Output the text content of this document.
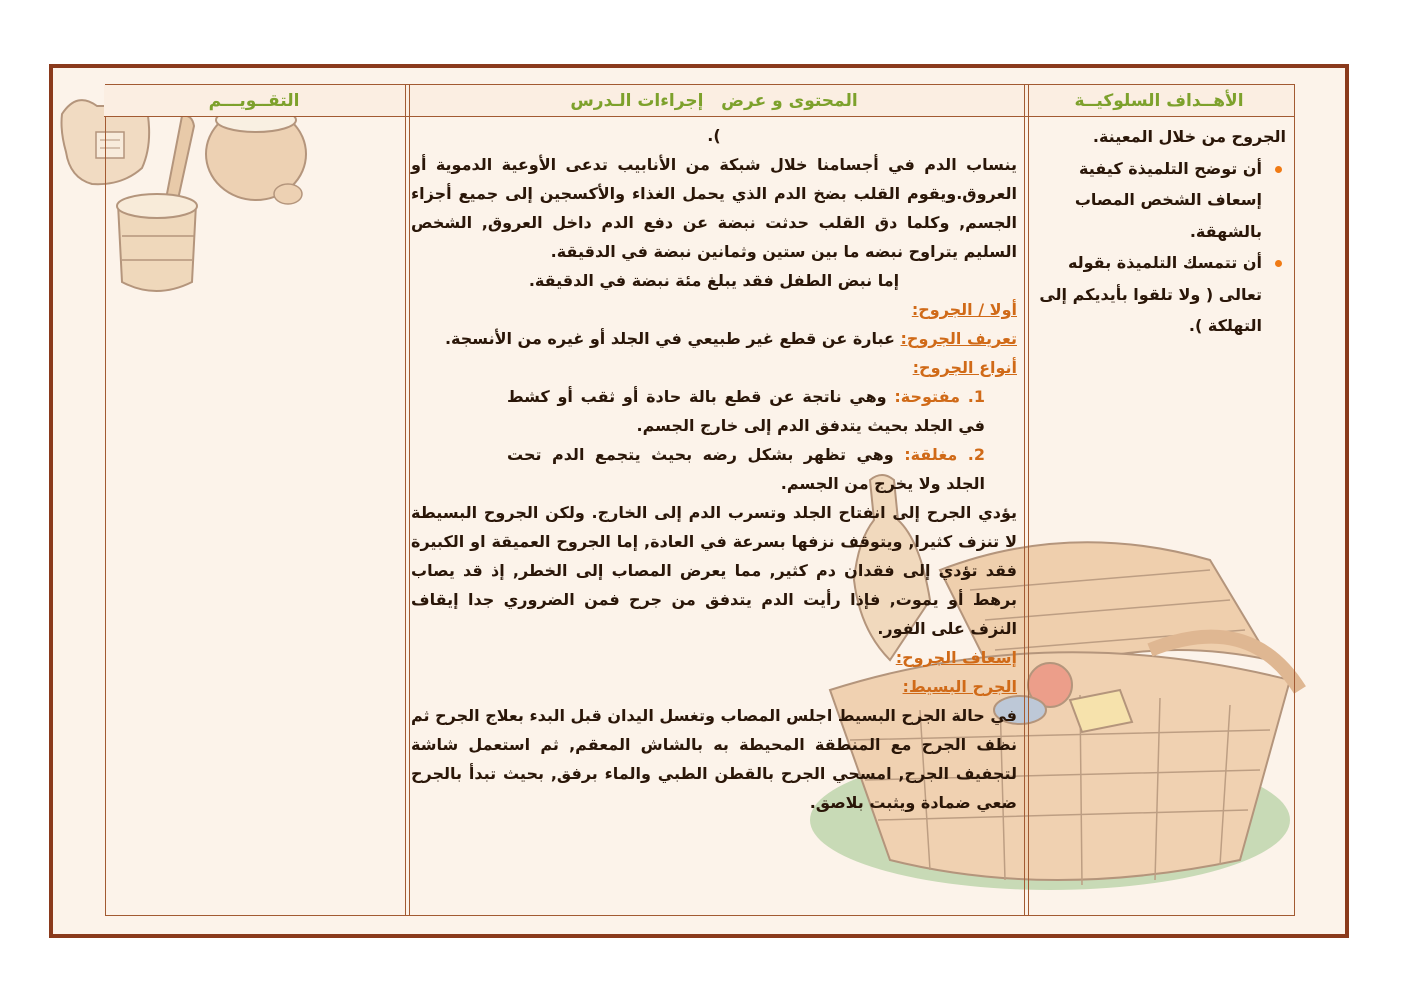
الأهــداف السلوكيــة
المحتوى و عرض   إجراءات الـدرس
التقــويـــم
الجروح من خلال المعينة.
أن توضح التلميذة كيفية إسعاف الشخص المصاب بالشهقة.
أن تتمسك التلميذة بقوله تعالى ( ولا تلقوا بأيديكم إلى التهلكة ).

).

ينساب الدم في أجسامنا خلال شبكة من الأنابيب تدعى الأوعية الدموية أو العروق.ويقوم القلب بضخ الدم الذي يحمل الغذاء والأكسجين إلى جميع أجزاء الجسم, وكلما دق القلب حدثت نبضة عن دفع الدم داخل العروق, الشخص السليم يتراوح نبضه ما بين ستين وثمانين نبضة في الدقيقة.

إما نبض الطفل فقد يبلغ مئة نبضة في الدقيقة.

أولا / الجروح:

تعريف الجروح: عبارة عن قطع غير طبيعي في الجلد أو غيره من الأنسجة.

أنواع الجروح:

1. مفتوحة: وهي ناتجة عن قطع بالة حادة أو ثقب أو كشط في الجلد بحيث يتدفق الدم إلى خارج الجسم.

2. مغلقة: وهي تظهر بشكل رضه بحيث يتجمع الدم تحت الجلد ولا يخرج من الجسم.

يؤدي الجرح إلى انفتاح الجلد وتسرب الدم إلى الخارج. ولكن الجروح البسيطة لا تنزف كثيرا, ويتوقف نزفها بسرعة في العادة, إما الجروح العميقة او الكبيرة فقد تؤدي إلى فقدان دم كثير, مما يعرض المصاب إلى الخطر, إذ قد يصاب برهط أو يموت, فإذا رأيت الدم يتدفق من جرح فمن الضروري جدا إيقاف النزف على الفور.

إسعاف الجروح:

الجرح البسيط:

في حالة الجرح البسيط اجلس المصاب وتغسل اليدان قبل البدء بعلاج الجرح ثم نظف الجرح مع المنطقة المحيطة به بالشاش المعقم, ثم استعمل شاشة لتجفيف الجرح, امسحي الجرح بالقطن الطبي والماء برفق, بحيث تبدأ بالجرح ضعي ضمادة ويثبت بلاصق.
